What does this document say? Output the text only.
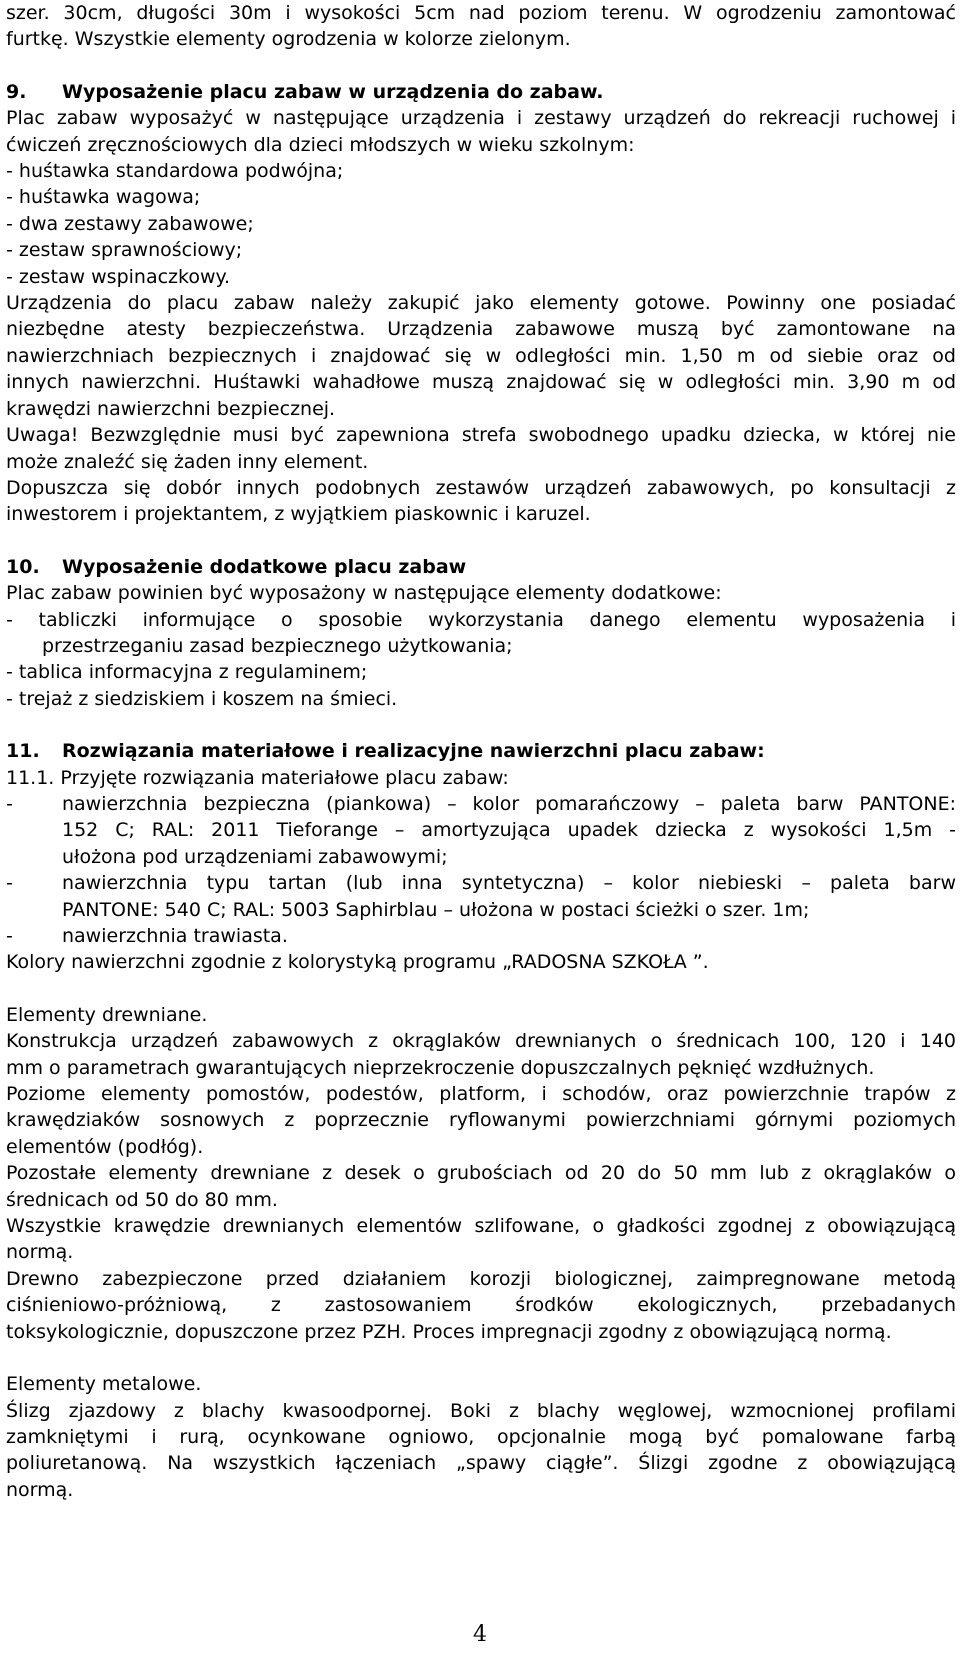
szer. 30cm, długości 30m i wysokości 5cm nad poziom terenu. W ogrodzeniu zamontować

furtkę. Wszystkie elementy ogrodzenia w kolorze zielonym.

9. Wyposażenie placu zabaw w urządzenia do zabaw.

Plac zabaw wyposażyć w następujące urządzenia i zestawy urządzeń do rekreacji ruchowej i

ćwiczeń zręcznościowych dla dzieci młodszych w wieku szkolnym:

- huśtawka standardowa podwójna;

- huśtawka wagowa;

- dwa zestawy zabawowe;

- zestaw sprawnościowy;

- zestaw wspinaczkowy.

Urządzenia do placu zabaw należy zakupić jako elementy gotowe. Powinny one posiadać

niezbędne atesty bezpieczeństwa. Urządzenia zabawowe muszą być zamontowane na

nawierzchniach bezpiecznych i znajdować się w odległości min. 1,50 m od siebie oraz od

innych nawierzchni. Huśtawki wahadłowe muszą znajdować się w odległości min. 3,90 m od

krawędzi nawierzchni bezpiecznej.

Uwaga! Bezwzględnie musi być zapewniona strefa swobodnego upadku dziecka, w której nie

może znaleźć się żaden inny element.

Dopuszcza się dobór innych podobnych zestawów urządzeń zabawowych, po konsultacji z

inwestorem i projektantem, z wyjątkiem piaskownic i karuzel.

10. Wyposażenie dodatkowe placu zabaw

Plac zabaw powinien być wyposażony w następujące elementy dodatkowe:

- tabliczki informujące o sposobie wykorzystania danego elementu wyposażenia i

przestrzeganiu zasad bezpiecznego użytkowania;

- tablica informacyjna z regulaminem;

- trejaż z siedziskiem i koszem na śmieci.

11. Rozwiązania materiałowe i realizacyjne nawierzchni placu zabaw:

11.1. Przyjęte rozwiązania materiałowe placu zabaw:

-	nawierzchnia bezpieczna (piankowa) – kolor pomarańczowy – paleta barw PANTONE:

152 C; RAL: 2011 Tieforange – amortyzująca upadek dziecka z wysokości 1,5m -

ułożona pod urządzeniami zabawowymi;

-	nawierzchnia typu tartan (lub inna syntetyczna) – kolor niebieski – paleta barw

PANTONE: 540 C; RAL: 5003 Saphirblau – ułożona w postaci ścieżki o szer. 1m;

-	nawierzchnia trawiasta.

Kolory nawierzchni zgodnie z kolorystyką programu „RADOSNA SZKOŁA ”.

Elementy drewniane.

Konstrukcja urządzeń zabawowych z okrąglaków drewnianych o średnicach 100, 120 i 140

mm o parametrach gwarantujących nieprzekroczenie dopuszczalnych pęknięć wzdłużnych.

Poziome elementy pomostów, podestów, platform, i schodów, oraz powierzchnie trapów z

krawędziaków sosnowych z poprzecznie ryflowanymi powierzchniami górnymi poziomych

elementów (podłóg).

Pozostałe elementy drewniane z desek o grubościach od 20 do 50 mm lub z okrąglaków o

średnicach od 50 do 80 mm.

Wszystkie krawędzie drewnianych elementów szlifowane, o gładkości zgodnej z obowiązującą

normą.

Drewno zabezpieczone przed działaniem korozji biologicznej, zaimpregnowane metodą

ciśnieniowo-próżniową, z zastosowaniem środków ekologicznych, przebadanych

toksykologicznie, dopuszczone przez PZH. Proces impregnacji zgodny z obowiązującą normą.

Elementy metalowe.

Ślizg zjazdowy z blachy kwasoodpornej. Boki z blachy węglowej, wzmocnionej profilami

zamkniętymi i rurą, ocynkowane ogniowo, opcjonalnie mogą być pomalowane farbą

poliuretanową. Na wszystkich łączeniach „spawy ciągłe”. Ślizgi zgodne z obowiązującą

normą.

4
